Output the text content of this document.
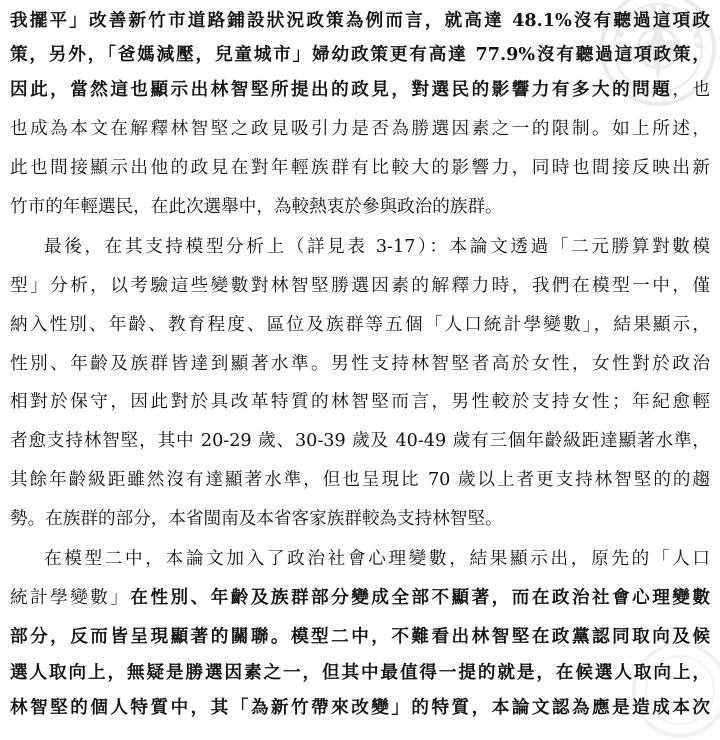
我擺平」改善新竹市道路鋪設狀況政策為例而言，就高達 48.1%沒有聽過這項政
策，另外，「爸媽減壓，兒童城市」婦幼政策更有高達 77.9%沒有聽過這項政策，
因此，當然這也顯示出林智堅所提出的政見，對選民的影響力有多大的問題，也
也成為本文在解釋林智堅之政見吸引力是否為勝選因素之一的限制。如上所述，
此也間接顯示出他的政見在對年輕族群有比較大的影響力，同時也間接反映出新
竹市的年輕選民，在此次選舉中，為較熱衷於參與政治的族群。
最後，在其支持模型分析上（詳見表 3-17）：本論文透過「二元勝算對數模
型」分析，以考驗這些變數對林智堅勝選因素的解釋力時，我們在模型一中，僅
納入性別、年齡、教育程度、區位及族群等五個「人口統計學變數」，結果顯示，
性別、年齡及族群皆達到顯著水準。男性支持林智堅者高於女性，女性對於政治
相對於保守，因此對於具改革特質的林智堅而言，男性較於支持女性；年紀愈輕
者愈支持林智堅，其中 20-29 歲、30-39 歲及 40-49 歲有三個年齡級距達顯著水準，
其餘年齡級距雖然沒有達顯著水準，但也呈現比 70 歲以上者更支持林智堅的的趨
勢。在族群的部分，本省閩南及本省客家族群較為支持林智堅。
在模型二中，本論文加入了政治社會心理變數，結果顯示出，原先的「人口
統計學變數」在性別、年齡及族群部分變成全部不顯著，而在政治社會心理變數
部分，反而皆呈現顯著的關聯。模型二中，不難看出林智堅在政黨認同取向及候
選人取向上，無疑是勝選因素之一，但其中最值得一提的就是，在候選人取向上，
林智堅的個人特質中，其「為新竹帶來改變」的特質，本論文認為應是造成本次
